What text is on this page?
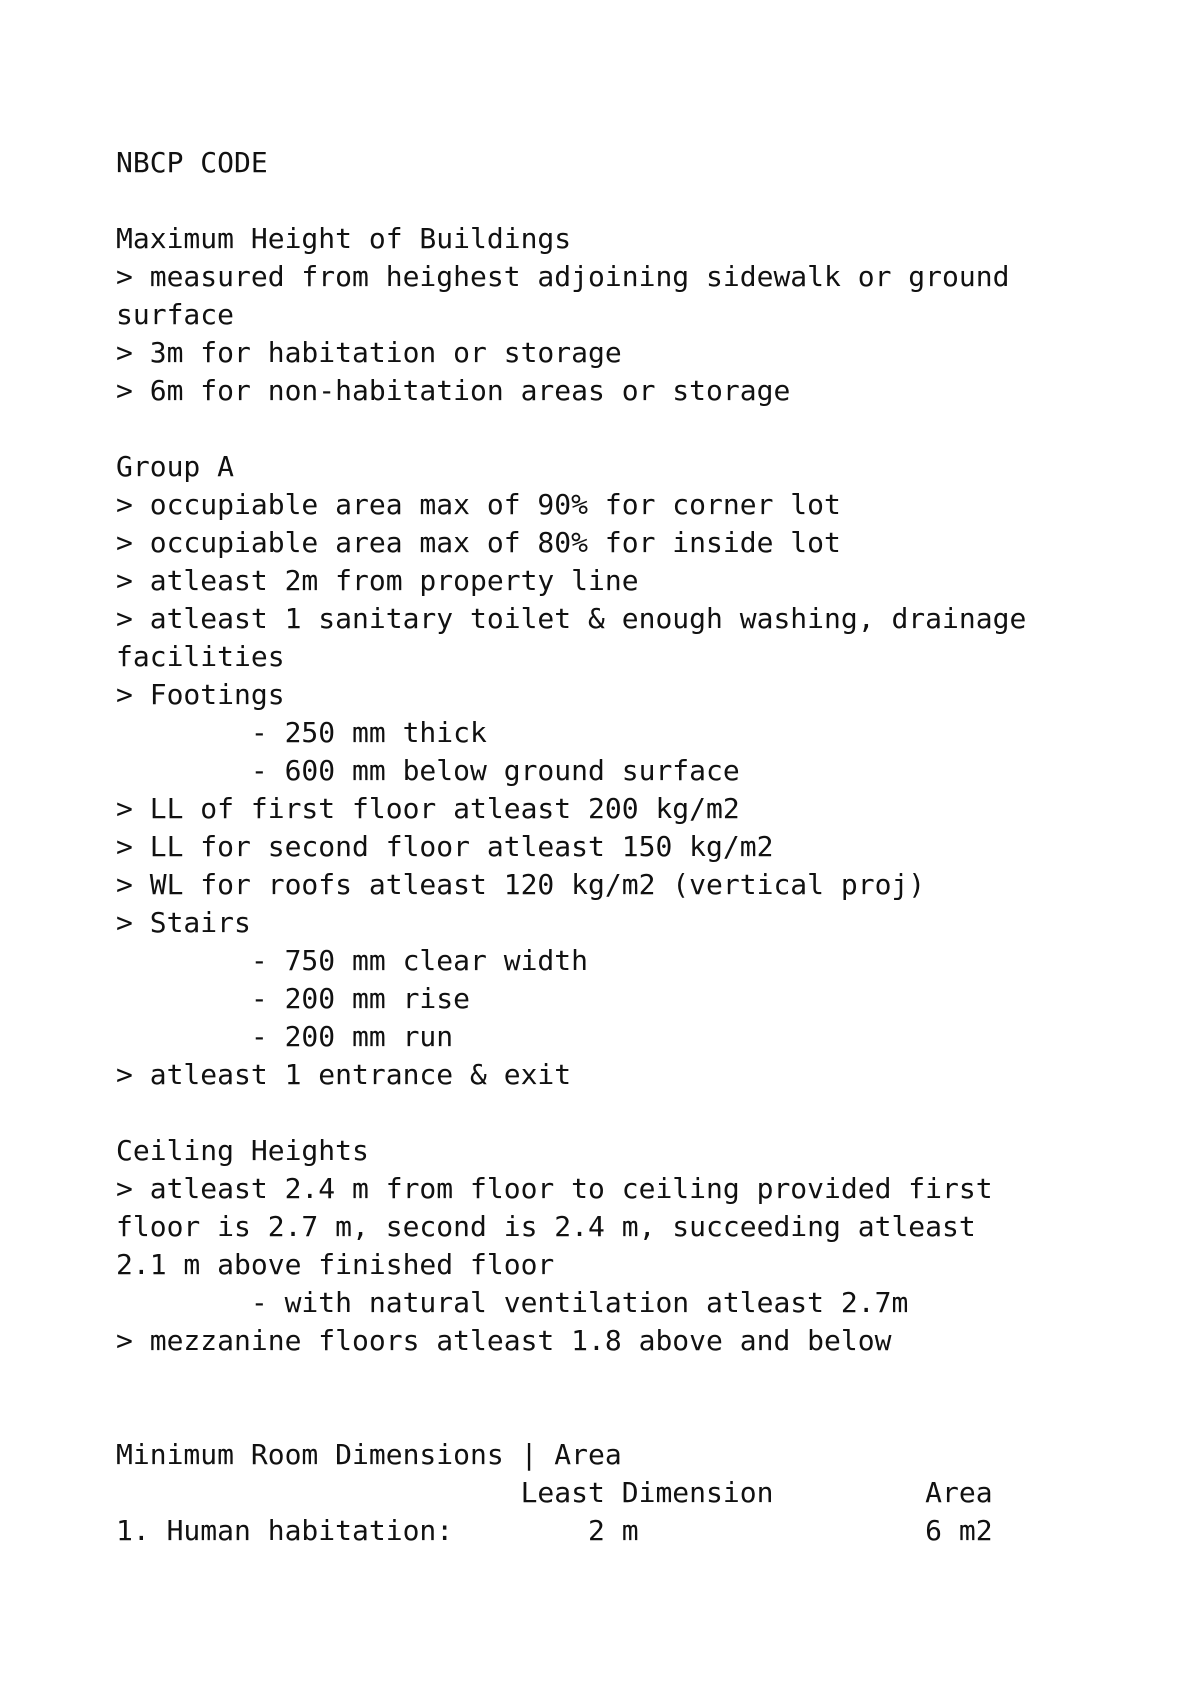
NBCP CODE
Maximum Height of Buildings
> measured from heighest adjoining sidewalk or ground
surface
> 3m for habitation or storage
> 6m for non-habitation areas or storage
Group A
> occupiable area max of 90% for corner lot
> occupiable area max of 80% for inside lot
> atleast 2m from property line
> atleast 1 sanitary toilet & enough washing, drainage
facilities
> Footings
- 250 mm thick
- 600 mm below ground surface
> LL of first floor atleast 200 kg/m2
> LL for second floor atleast 150 kg/m2
> WL for roofs atleast 120 kg/m2 (vertical proj)
> Stairs
- 750 mm clear width
- 200 mm rise
- 200 mm run
> atleast 1 entrance & exit
Ceiling Heights
> atleast 2.4 m from floor to ceiling provided first
floor is 2.7 m, second is 2.4 m, succeeding atleast
2.1 m above finished floor
- with natural ventilation atleast 2.7m
> mezzanine floors atleast 1.8 above and below
Minimum Room Dimensions | Area
Least Dimension         Area
1. Human habitation:        2 m                 6 m2
